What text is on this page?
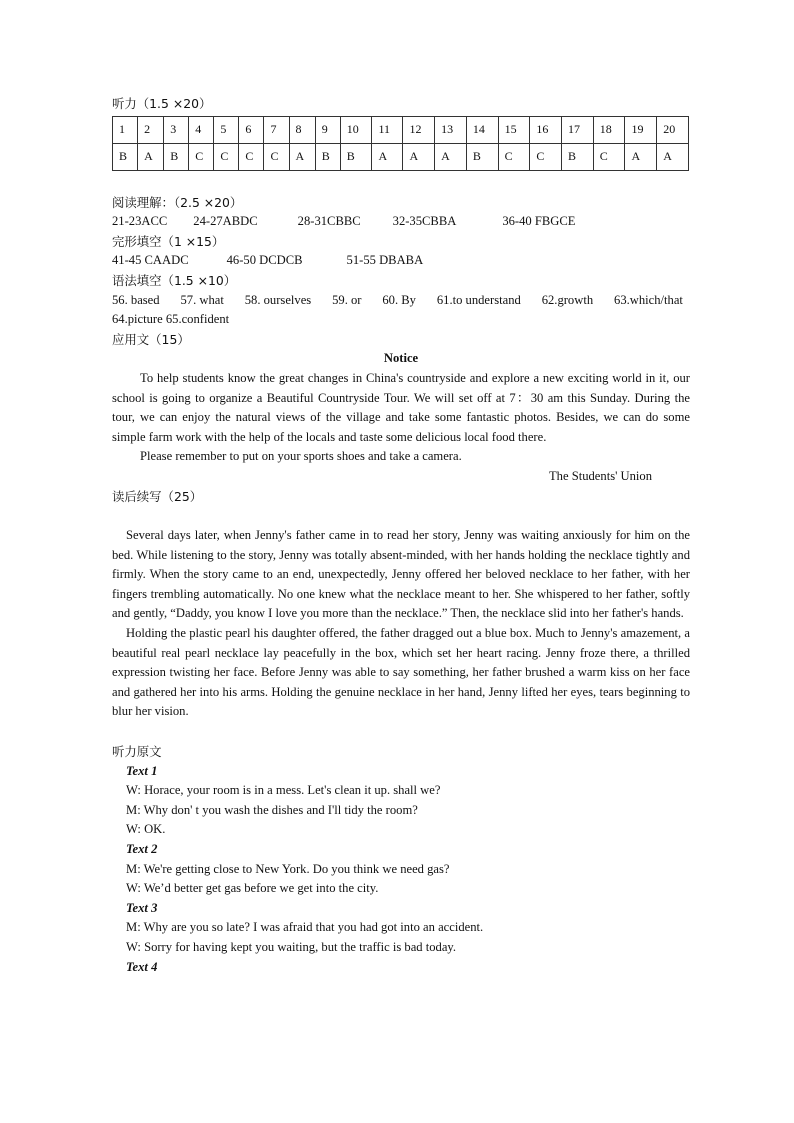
听力（1.5 ×20）
1	2	3	4	5	6	7	8	9	10	11	12	13	14	15	16	17	18	19	20
B	A	B	C	C	C	C	A	B	B	A	A	A	B	C	C	B	C	A	A
阅读理解：（2.5 ×20）
21-23ACC 24-27ABDC	28-31CBBC	32-35CBBA	36-40 FBGCE
完形填空（1 ×15）
41-45 CAADC	46-50 DCDCB	51-55 DBABA
语法填空（1.5 ×10）
56. based 57. what 58. ourselves 59. or 60. By 61.to understand 62.growth 63.which/that
64.picture 65.confident
应用文（15）
Notice

To help students know the great changes in China's countryside and explore a new exciting world in it, our school is going to organize a Beautiful Countryside Tour. We will set off at 7：30 am this Sunday. During the tour, we can enjoy the natural views of the village and take some fantastic photos. Besides, we can do some simple farm work with the help of the locals and taste some delicious local food there.

Please remember to put on your sports shoes and take a camera.

The Students' Union
读后续写（25）

Several days later, when Jenny's father came in to read her story, Jenny was waiting anxiously for him on the bed. While listening to the story, Jenny was totally absent-minded, with her hands holding the necklace tightly and firmly. When the story came to an end, unexpectedly, Jenny offered her beloved necklace to her father, with her fingers trembling automatically. No one knew what the necklace meant to her. She whispered to her father, softly and gently, “Daddy, you know I love you more than the necklace.” Then, the necklace slid into her father's hands.

Holding the plastic pearl his daughter offered, the father dragged out a blue box. Much to Jenny's amazement, a beautiful real pearl necklace lay peacefully in the box, which set her heart racing. Jenny froze there, a thrilled expression twisting her face. Before Jenny was able to say something, her father brushed a warm kiss on her face and gathered her into his arms. Holding the genuine necklace in her hand, Jenny lifted her eyes, tears beginning to blur her vision.

听力原文
Text 1
W: Horace, your room is in a mess. Let's clean it up. shall we?
M: Why don' t you wash the dishes and I'll tidy the room?
W: OK.
Text 2
M: We're getting close to New York. Do you think we need gas?
W: We’d better get gas before we get into the city.
Text 3
M: Why are you so late? I was afraid that you had got into an accident.
W: Sorry for having kept you waiting, but the traffic is bad today.
Text 4
